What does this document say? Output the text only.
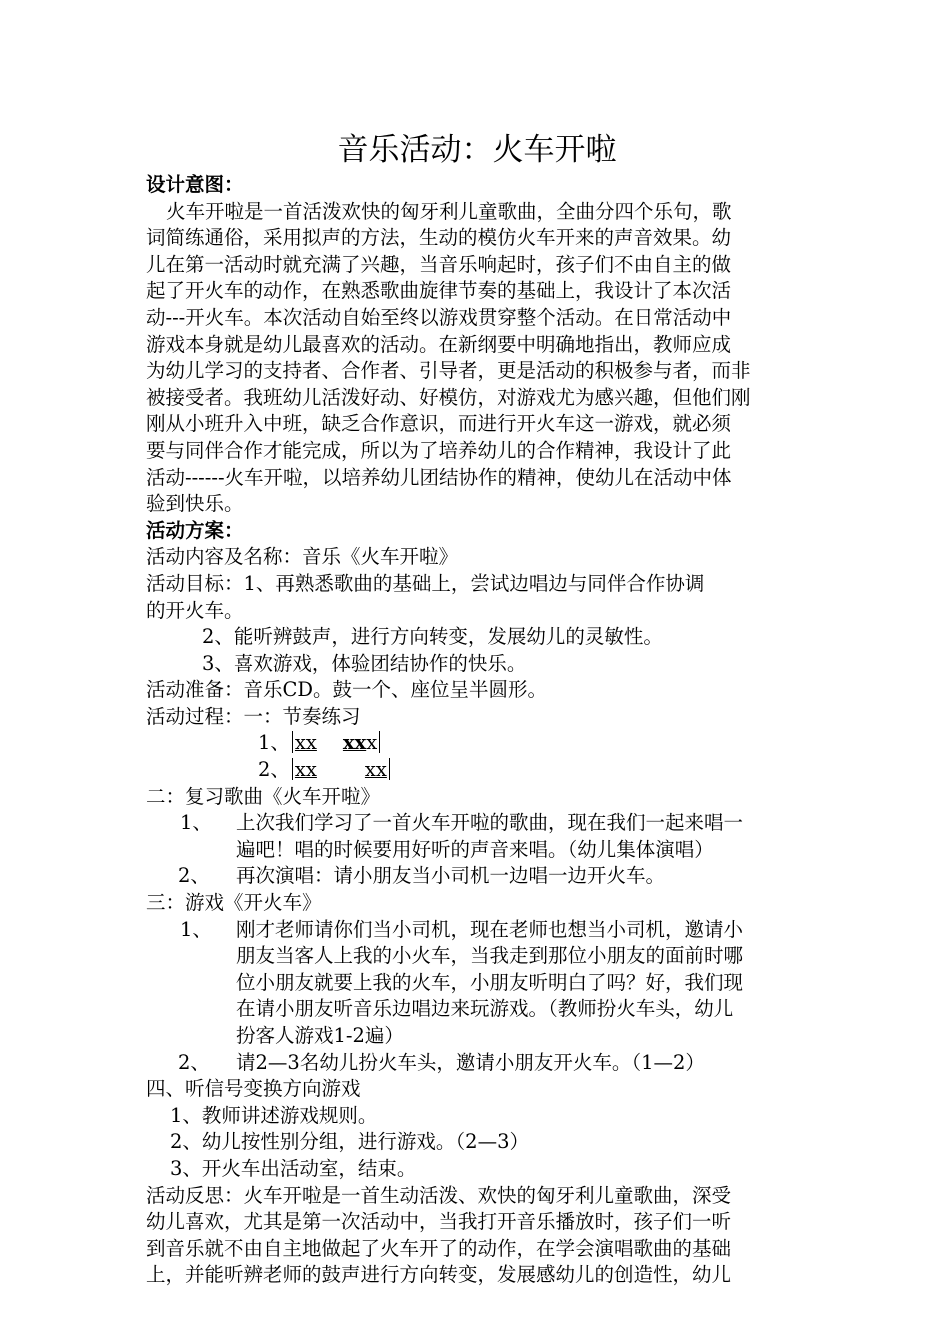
音乐活动：火车开啦

设计意图：

火车开啦是一首活泼欢快的匈牙利儿童歌曲，全曲分四个乐句，歌

词简练通俗，采用拟声的方法，生动的模仿火车开来的声音效果。幼

儿在第一活动时就充满了兴趣，当音乐响起时，孩子们不由自主的做

起了开火车的动作，在熟悉歌曲旋律节奏的基础上，我设计了本次活

动---开火车。本次活动自始至终以游戏贯穿整个活动。在日常活动中

游戏本身就是幼儿最喜欢的活动。在新纲要中明确地指出，教师应成

为幼儿学习的支持者、合作者、引导者，更是活动的积极参与者，而非

被接受者。我班幼儿活泼好动、好模仿，对游戏尤为感兴趣，但他们刚

刚从小班升入中班，缺乏合作意识，而进行开火车这一游戏，就必须

要与同伴合作才能完成，所以为了培养幼儿的合作精神，我设计了此

活动------火车开啦，以培养幼儿团结协作的精神，使幼儿在活动中体

验到快乐。

活动方案：

活动内容及名称：音乐《火车开啦》

活动目标：1、再熟悉歌曲的基础上，尝试边唱边与同伴合作协调

的开火车。

2、能听辨鼓声，进行方向转变，发展幼儿的灵敏性。

3、喜欢游戏，体验团结协作的快乐。

活动准备：音乐CD。鼓一个、座位呈半圆形。

活动过程：一：节奏练习

1、 xx xxx

2、 xx xx

二：复习歌曲《火车开啦》

1、	上次我们学习了一首火车开啦的歌曲，现在我们一起来唱一
遍吧！唱的时候要用好听的声音来唱。（幼儿集体演唱）
2、	再次演唱：请小朋友当小司机一边唱一边开火车。

三：游戏《开火车》

1、	刚才老师请你们当小司机，现在老师也想当小司机，邀请小
朋友当客人上我的小火车，当我走到那位小朋友的面前时哪
位小朋友就要上我的火车，小朋友听明白了吗？好，我们现
在请小朋友听音乐边唱边来玩游戏。（教师扮火车头，幼儿
扮客人游戏1-2遍）
2、	请2—3名幼儿扮火车头，邀请小朋友开火车。（1—2）

四、听信号变换方向游戏

1、教师讲述游戏规则。

2、幼儿按性别分组，进行游戏。（2—3）

3、开火车出活动室，结束。

活动反思：火车开啦是一首生动活泼、欢快的匈牙利儿童歌曲，深受

幼儿喜欢，尤其是第一次活动中，当我打开音乐播放时，孩子们一听

到音乐就不由自主地做起了火车开了的动作，在学会演唱歌曲的基础

上，并能听辨老师的鼓声进行方向转变，发展感幼儿的创造性，幼儿
